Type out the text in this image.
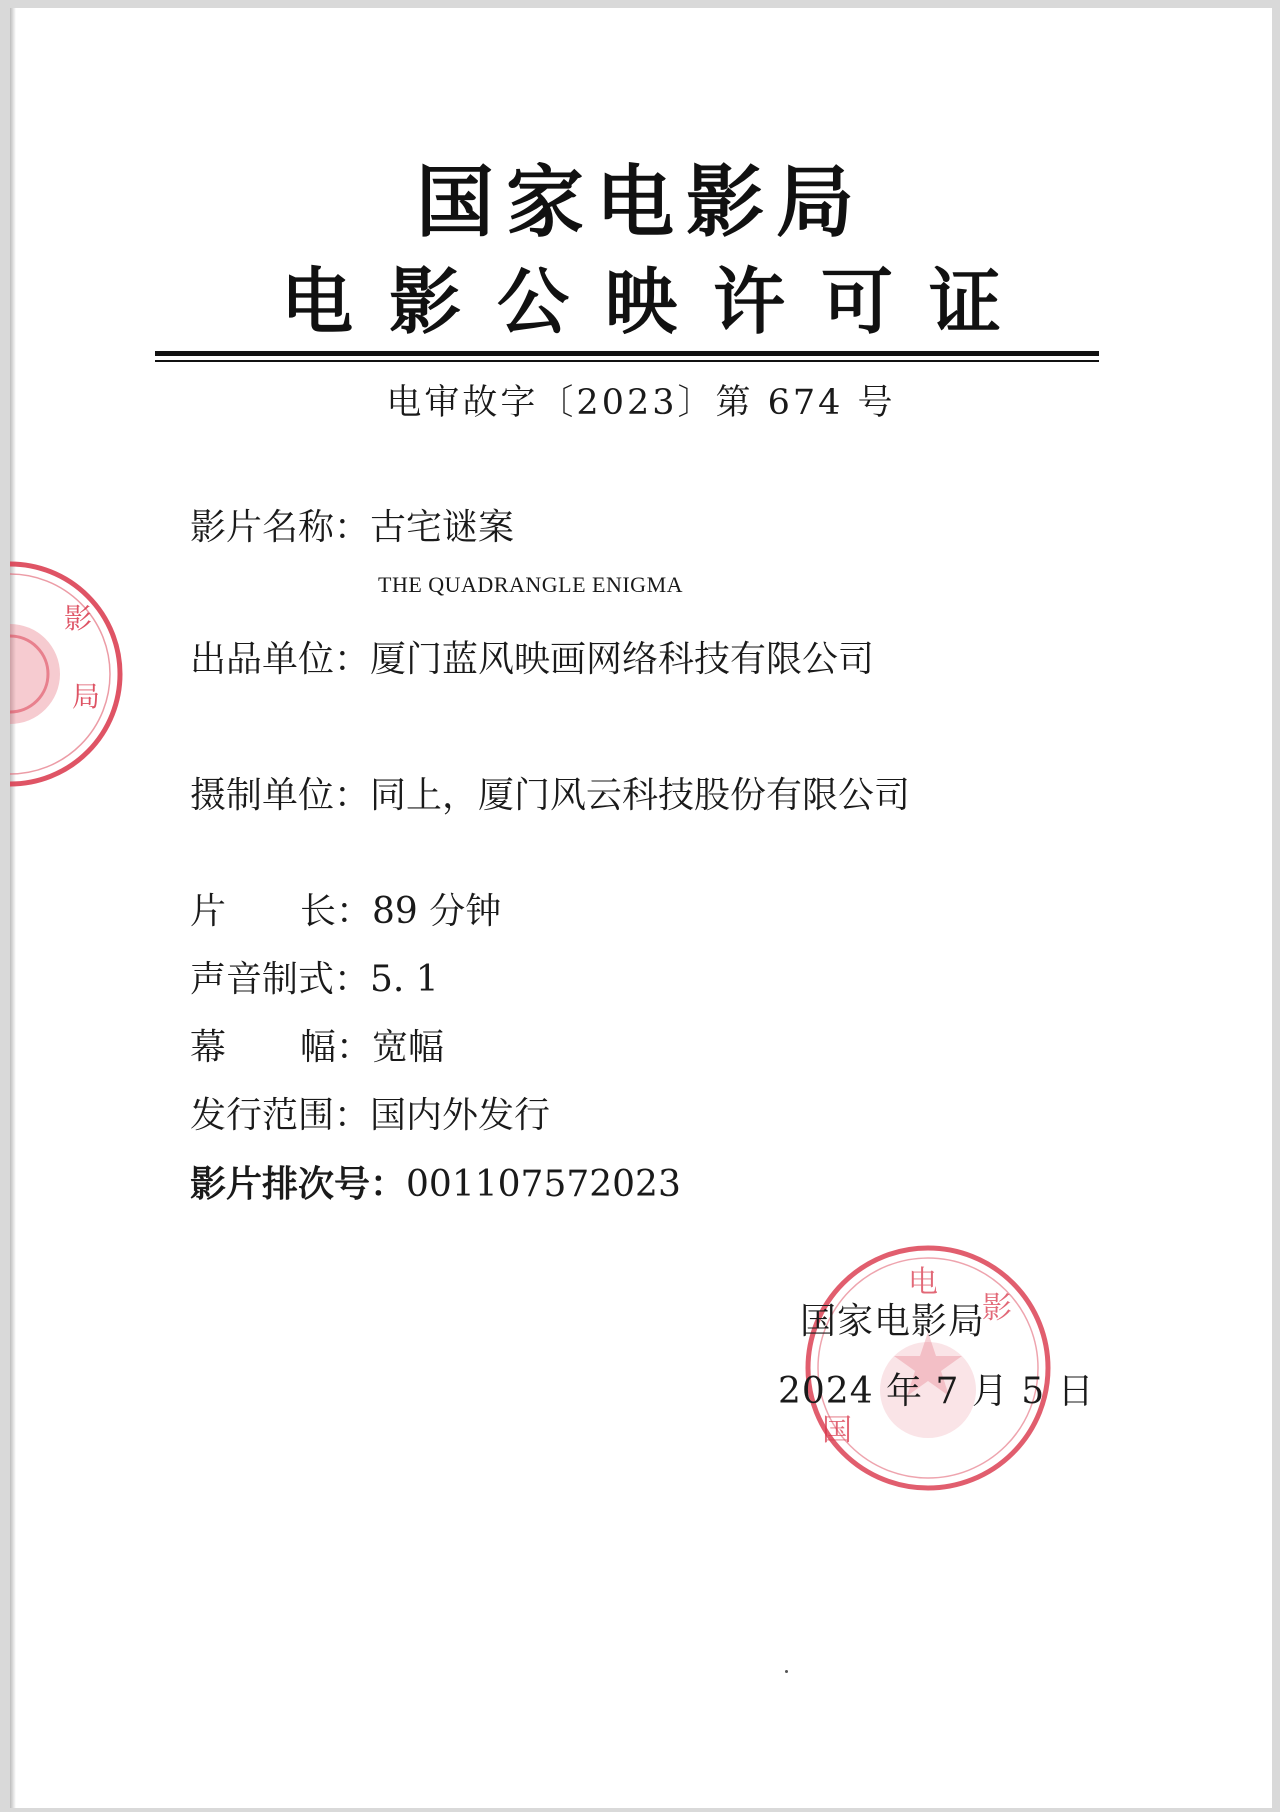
影
局
国家电影局
电影公映许可证
电审故字〔2023〕第 674 号
影片名称：古宅谜案
THE QUADRANGLE ENIGMA
出品单位：厦门蓝风映画网络科技有限公司
摄制单位：同上，厦门风云科技股份有限公司
片长：89 分钟
声音制式：5. 1
幕幅：宽幅
发行范围：国内外发行
影片排次号：001107572023
电
影
国
国家电影局
2024 年 7 月 5 日
